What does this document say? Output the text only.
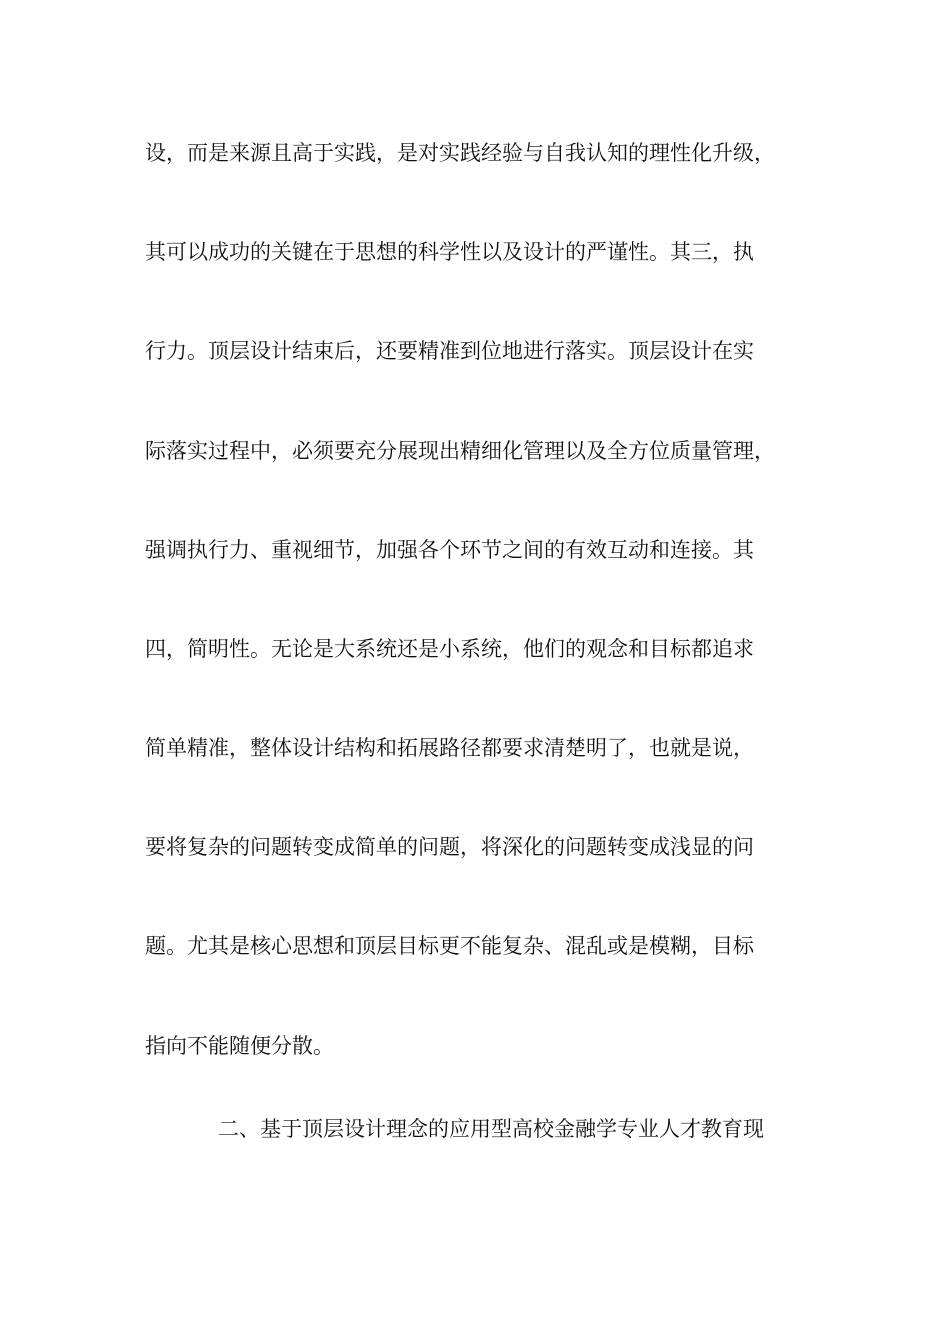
设，而是来源且高于实践，是对实践经验与自我认知的理性化升级，
其可以成功的关键在于思想的科学性以及设计的严谨性。其三，执
行力。顶层设计结束后，还要精准到位地进行落实。顶层设计在实
际落实过程中，必须要充分展现出精细化管理以及全方位质量管理，
强调执行力、重视细节，加强各个环节之间的有效互动和连接。其
四，简明性。无论是大系统还是小系统，他们的观念和目标都追求
简单精准，整体设计结构和拓展路径都要求清楚明了，也就是说，
要将复杂的问题转变成简单的问题，将深化的问题转变成浅显的问
题。尤其是核心思想和顶层目标更不能复杂、混乱或是模糊，目标
指向不能随便分散。
二、基于顶层设计理念的应用型高校金融学专业人才教育现
